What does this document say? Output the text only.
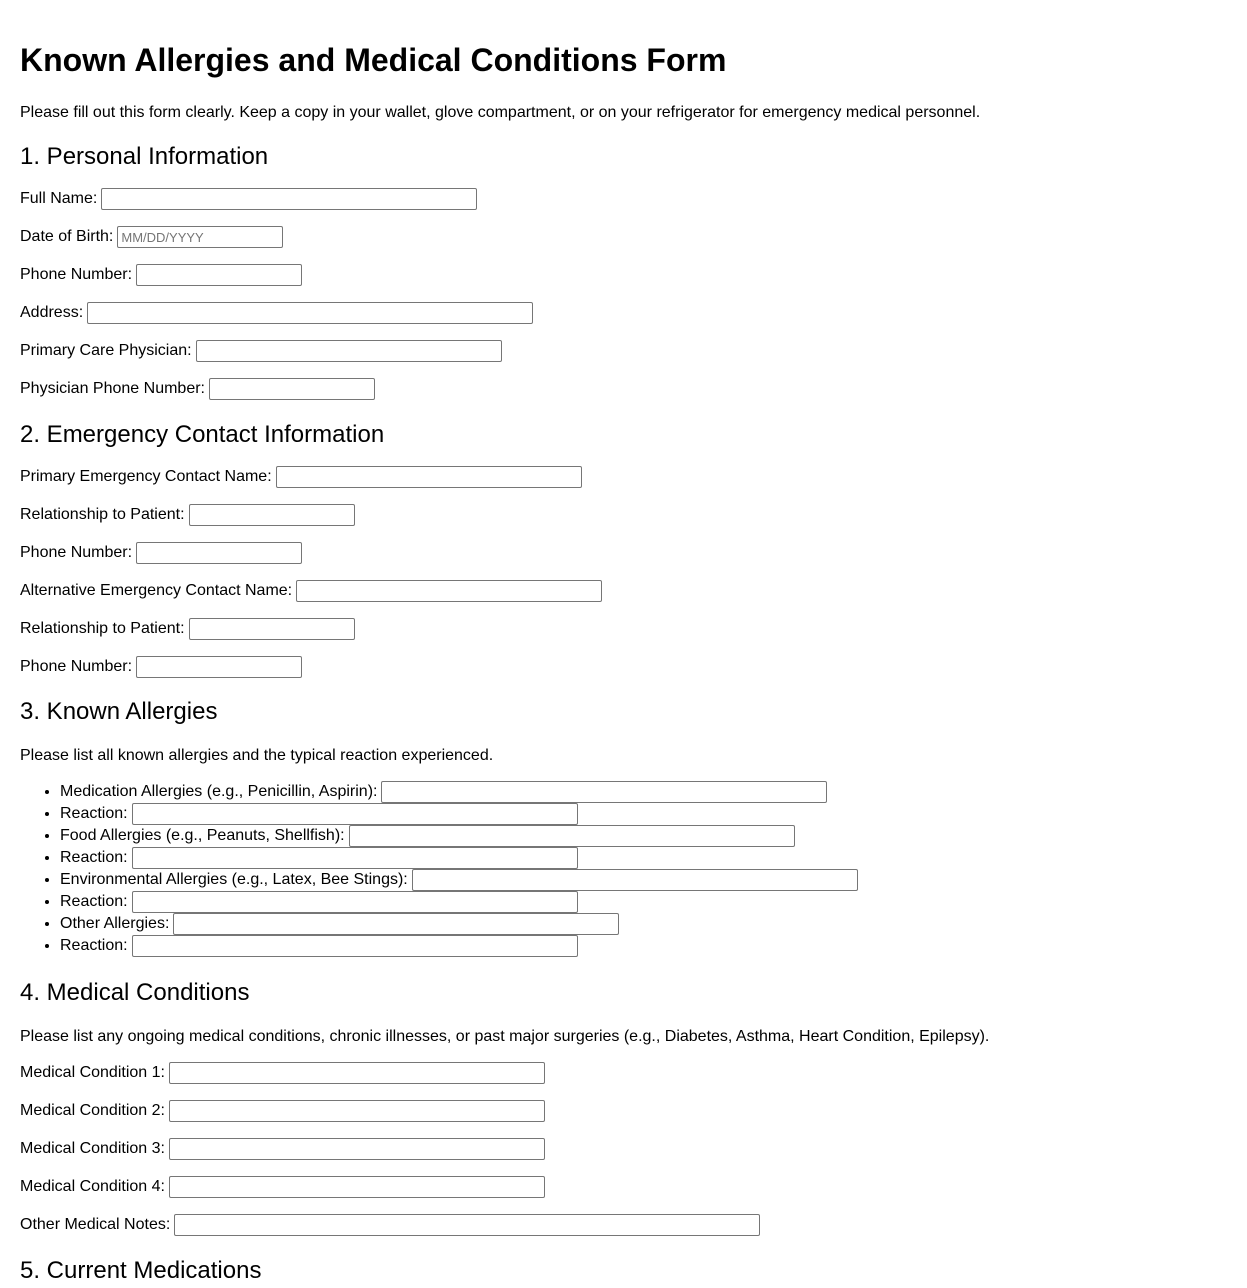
Known Allergies and Medical Conditions Form

Please fill out this form clearly. Keep a copy in your wallet, glove compartment, or on your refrigerator for emergency medical personnel.

1. Personal Information
Full Name:
Date of Birth:
MM/DD/YYYY
Phone Number:
Address:
Primary Care Physician:
Physician Phone Number:
2. Emergency Contact Information
Primary Emergency Contact Name:
Relationship to Patient:
Phone Number:
Alternative Emergency Contact Name:
Relationship to Patient:
Phone Number:
3. Known Allergies

Please list all known allergies and the typical reaction experienced.

• Medication Allergies (e.g., Penicillin, Aspirin):
• Reaction:
• Food Allergies (e.g., Peanuts, Shellfish):
• Reaction:
• Environmental Allergies (e.g., Latex, Bee Stings):
• Reaction:
• Other Allergies:
• Reaction:
4. Medical Conditions

Please list any ongoing medical conditions, chronic illnesses, or past major surgeries (e.g., Diabetes, Asthma, Heart Condition, Epilepsy).

Medical Condition 1:
Medical Condition 2:
Medical Condition 3:
Medical Condition 4:
Other Medical Notes:
5. Current Medications
